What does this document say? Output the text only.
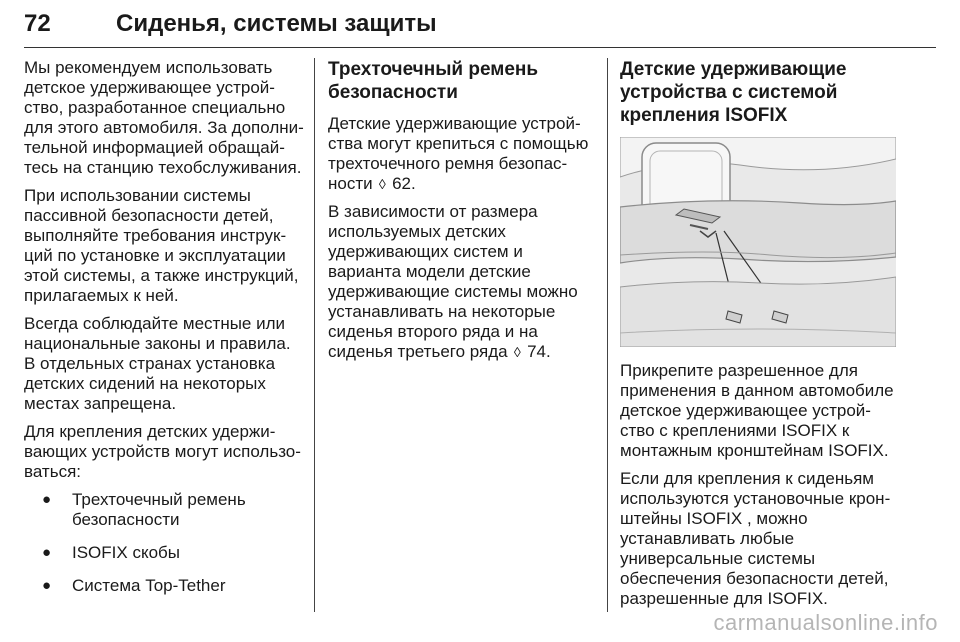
72	Сиденья, системы защиты

Мы рекомендуем использовать детское удерживающее устройство, разработанное специально для этого автомобиля. За дополнительной информацией обращайтесь на станцию техобслуживания.

При использовании системы пассивной безопасности детей, выполняйте требования инструкций по установке и эксплуатации этой системы, а также инструкций, прилагаемых к ней.

Всегда соблюдайте местные или национальные законы и правила. В отдельных странах установка детских сидений на некоторых местах запрещена.

Для крепления детских удерживающих устройств могут использоваться:

● Трехточечный ремень безопасности
● ISOFIX скобы
● Система Top-Tether
Трехточечный ремень безопасности

Детские удерживающие устройства могут крепиться с помощью трехточечного ремня безопасности ◊ 62.

В зависимости от размера используемых детских удерживающих систем и варианта модели детские удерживающие системы можно устанавливать на некоторые сиденья второго ряда и на сиденья третьего ряда ◊ 74.

Детские удерживающие устройства с системой крепления ISOFIX

Прикрепите разрешенное для применения в данном автомобиле детское удерживающее устройство с креплениями ISOFIX к монтажным кронштейнам ISOFIX.

Если для крепления к сиденьям используются установочные кронштейны ISOFIX , можно устанавливать любые универсальные системы обеспечения безопасности детей, разрешенные для ISOFIX.

carmanualsonline.info
